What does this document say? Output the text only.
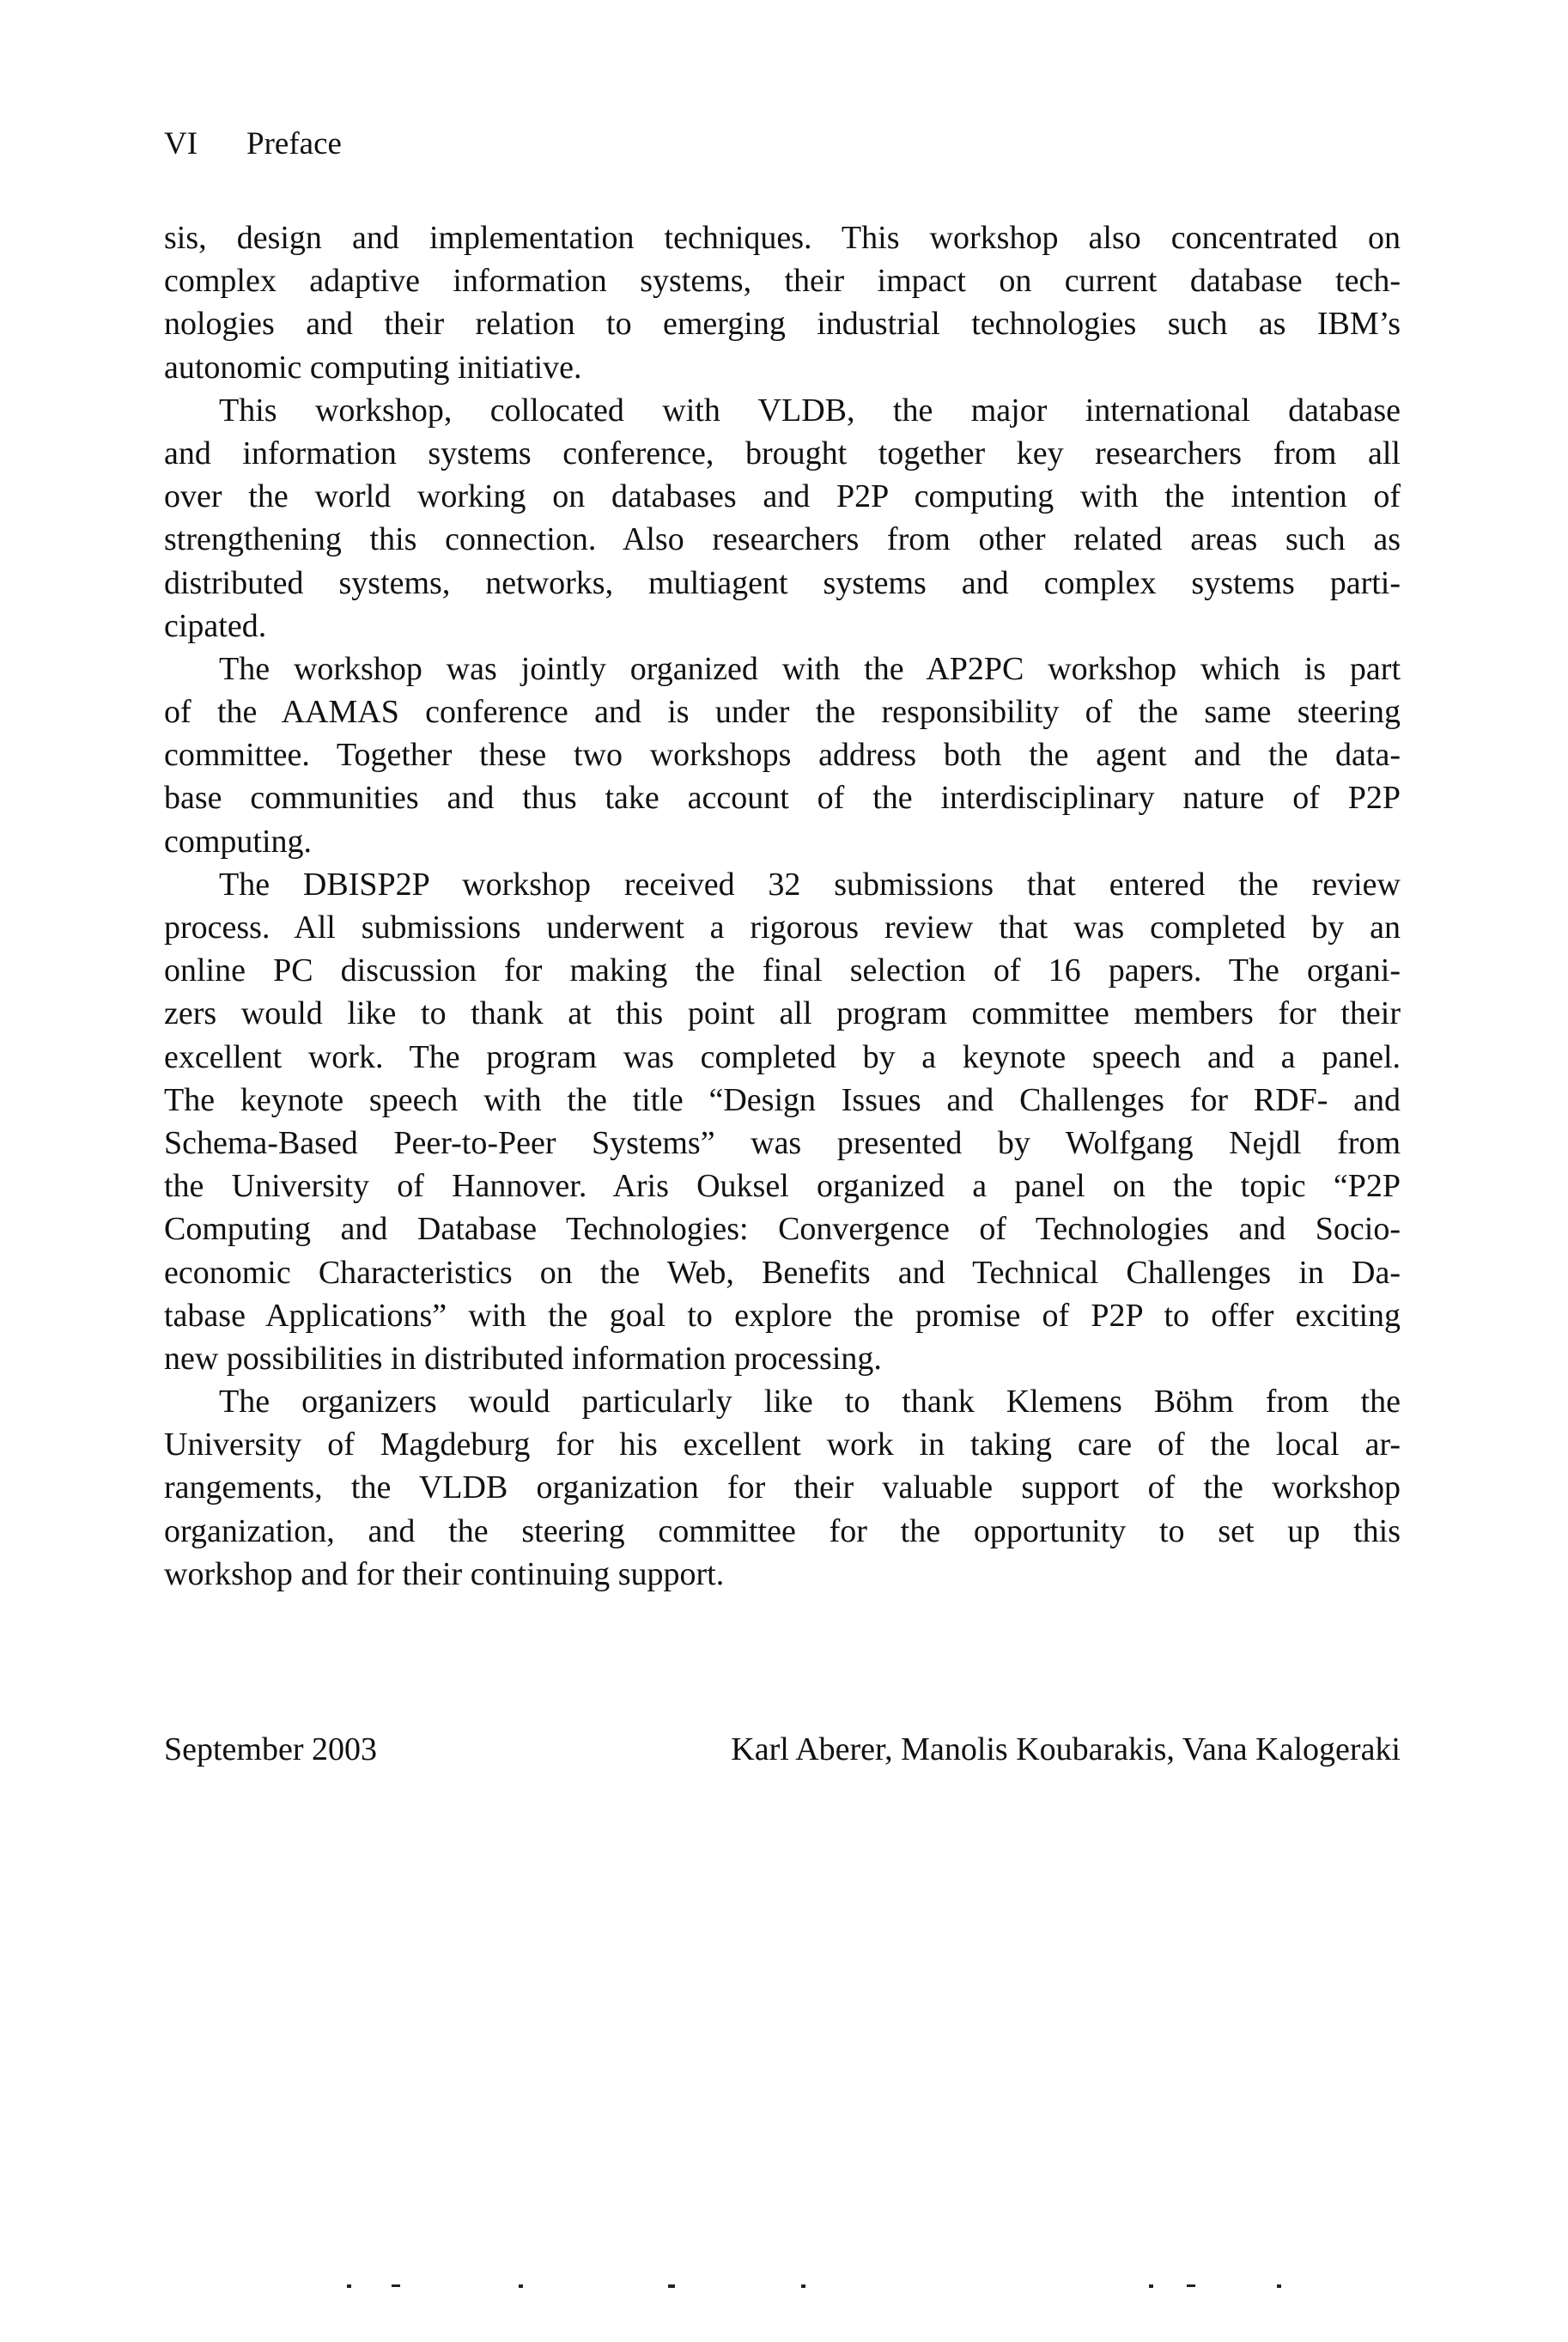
VI Preface
sis, design and implementation techniques. This workshop also concentrated on
complex adaptive information systems, their impact on current database tech-
nologies and their relation to emerging industrial technologies such as IBM’s
autonomic computing initiative.
This workshop, collocated with VLDB, the major international database
and information systems conference, brought together key researchers from all
over the world working on databases and P2P computing with the intention of
strengthening this connection. Also researchers from other related areas such as
distributed systems, networks, multiagent systems and complex systems parti-
cipated.
The workshop was jointly organized with the AP2PC workshop which is part
of the AAMAS conference and is under the responsibility of the same steering
committee. Together these two workshops address both the agent and the data-
base communities and thus take account of the interdisciplinary nature of P2P
computing.
The DBISP2P workshop received 32 submissions that entered the review
process. All submissions underwent a rigorous review that was completed by an
online PC discussion for making the final selection of 16 papers. The organi-
zers would like to thank at this point all program committee members for their
excellent work. The program was completed by a keynote speech and a panel.
The keynote speech with the title “Design Issues and Challenges for RDF- and
Schema-Based Peer-to-Peer Systems” was presented by Wolfgang Nejdl from
the University of Hannover. Aris Ouksel organized a panel on the topic “P2P
Computing and Database Technologies: Convergence of Technologies and Socio-
economic Characteristics on the Web, Benefits and Technical Challenges in Da-
tabase Applications” with the goal to explore the promise of P2P to offer exciting
new possibilities in distributed information processing.
The organizers would particularly like to thank Klemens Böhm from the
University of Magdeburg for his excellent work in taking care of the local ar-
rangements, the VLDB organization for their valuable support of the workshop
organization, and the steering committee for the opportunity to set up this
workshop and for their continuing support.
September 2003	Karl Aberer, Manolis Koubarakis, Vana Kalogeraki
